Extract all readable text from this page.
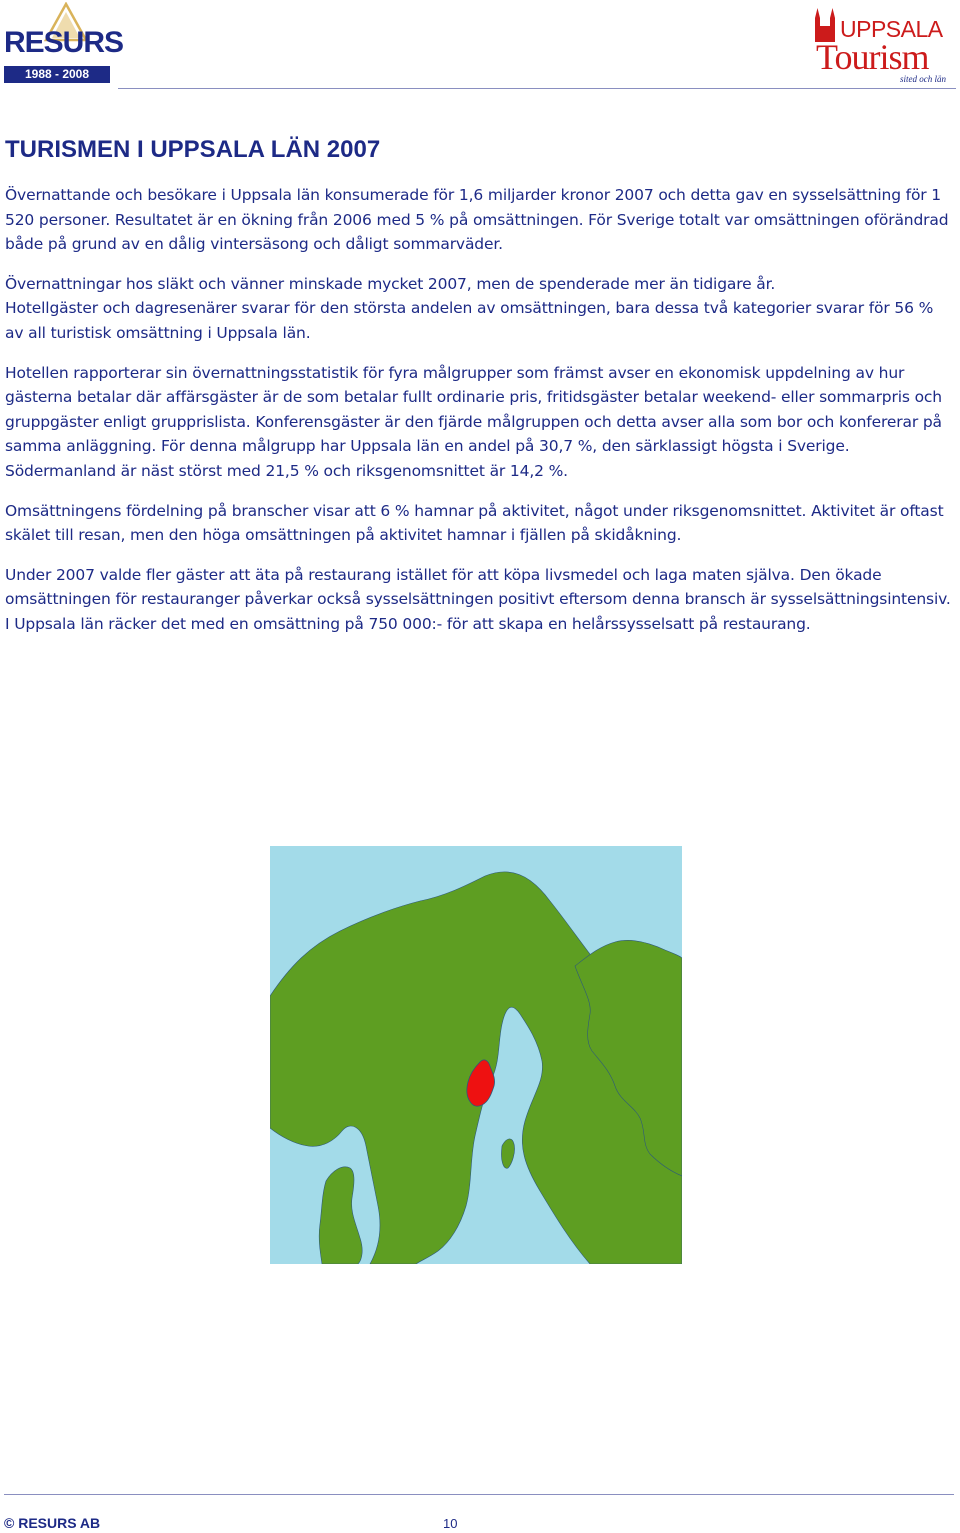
RESURS
1988 - 2008
UPPSALA
Tourism
sited och län
TURISMEN I UPPSALA LÄN 2007

Övernattande och besökare i Uppsala län konsumerade för 1,6 miljarder kronor 2007 och detta gav en sysselsättning för 1 520 personer. Resultatet är en ökning från 2006 med 5 % på omsättningen. För Sverige totalt var omsättningen oförändrad både på grund av en dålig vintersäsong och dåligt sommarväder.

Övernattningar hos släkt och vänner minskade mycket 2007, men de spenderade mer än tidigare år.

Hotellgäster och dagresenärer svarar för den största andelen av omsättningen, bara dessa två kategorier svarar för 56 % av all turistisk omsättning i Uppsala län.

Hotellen rapporterar sin övernattningsstatistik för fyra målgrupper som främst avser en ekonomisk uppdelning av hur gästerna betalar där affärsgäster är de som betalar fullt ordinarie pris, fritidsgäster betalar weekend- eller sommarpris och gruppgäster enligt grupprislista. Konferensgäster är den fjärde målgruppen och detta avser alla som bor och konfererar på samma anläggning. För denna målgrupp har Uppsala län en andel på 30,7 %, den särklassigt högsta i Sverige. Södermanland är näst störst med 21,5 % och riksgenomsnittet är 14,2 %.

Omsättningens fördelning på branscher visar att 6 % hamnar på aktivitet, något under riksgenomsnittet. Aktivitet är oftast skälet till resan, men den höga omsättningen på aktivitet hamnar i fjällen på skidåkning.

Under 2007 valde fler gäster att äta på restaurang istället för att köpa livsmedel och laga maten själva. Den ökade omsättningen för restauranger påverkar också sysselsättningen positivt eftersom denna bransch är sysselsättningsintensiv. I Uppsala län räcker det med en omsättning på 750 000:- för att skapa en helårssysselsatt på restaurang.

© RESURS AB	10
